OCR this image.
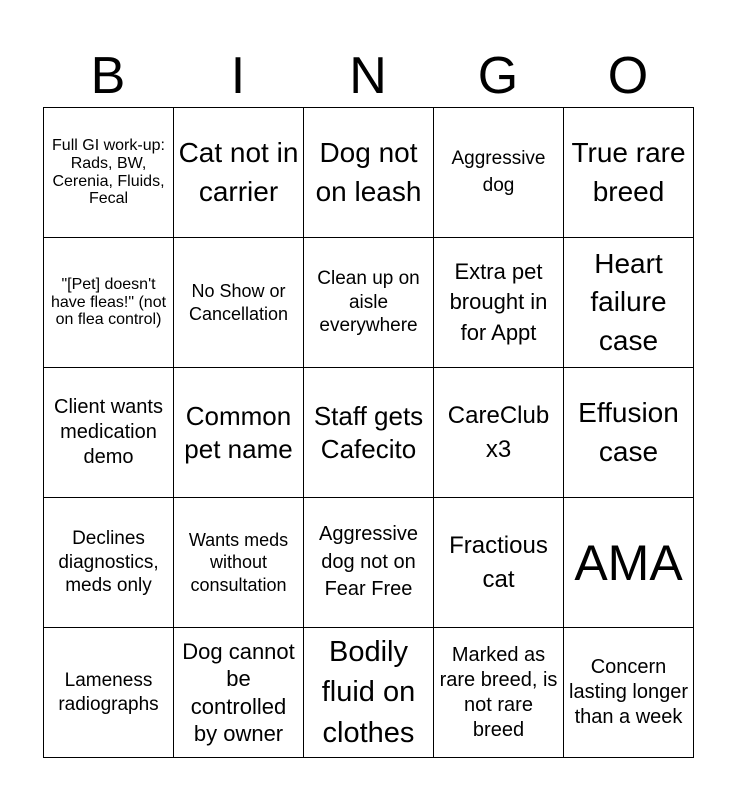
B	I	N	G	O
Full GI work-up: Rads, BW, Cerenia, Fluids, Fecal	Cat not in carrier	Dog not on leash	Aggressive dog	True rare breed

"[Pet] doesn't have fleas!" (not on flea control)	No Show or Cancellation	Clean up on aisle everywhere	Extra pet brought in for Appt	Heart failure case

Client wants medication demo	Common pet name	Staff gets Cafecito	CareClub x3	Effusion case

Declines diagnostics, meds only	Wants meds without consultation	Aggressive dog not on Fear Free	Fractious cat	AMA

Lameness radiographs	Dog cannot be controlled by owner	Bodily fluid on clothes	Marked as rare breed, is not rare breed	Concern lasting longer than a week
